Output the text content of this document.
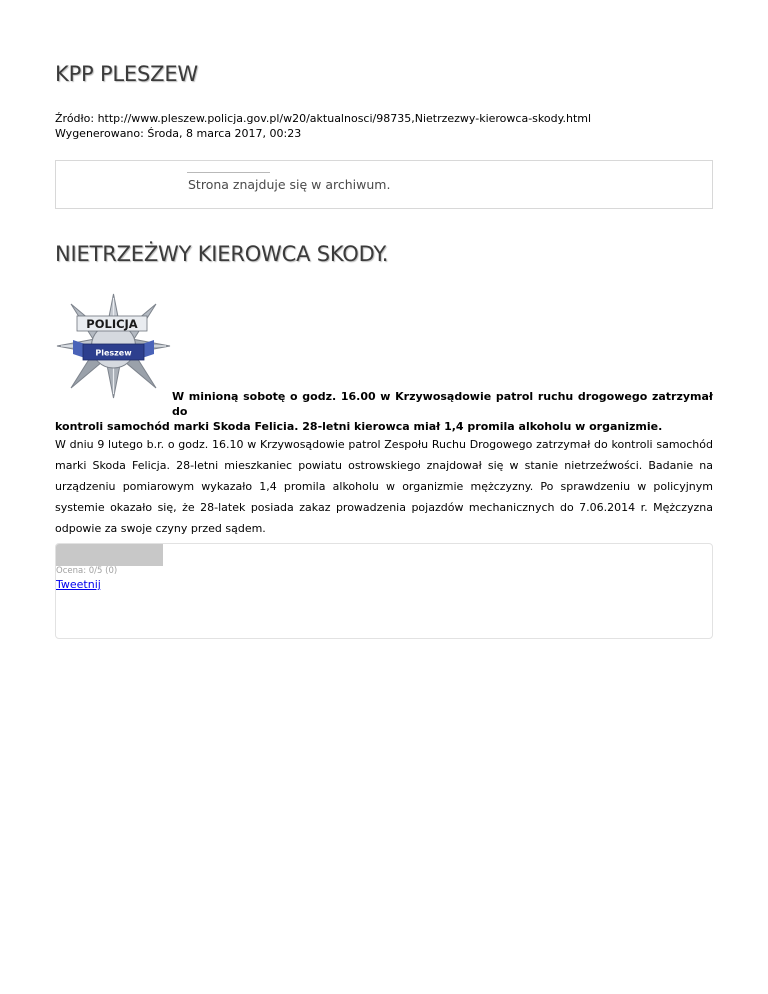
KPP PLESZEW
Źródło: http://www.pleszew.policja.gov.pl/w20/aktualnosci/98735,Nietrzezwy-kierowca-skody.html
Wygenerowano: Środa, 8 marca 2017, 00:23
Strona znajduje się w archiwum.
NIETRZEŻWY KIEROWCA SKODY.
POLICJA
Pleszew
W minioną sobotę o godz. 16.00 w Krzywosądowie patrol ruchu drogowego zatrzymał do
kontroli samochód marki Skoda Felicia. 28-letni kierowca miał 1,4 promila alkoholu w organizmie.
W dniu 9 lutego b.r. o godz. 16.10 w Krzywosądowie patrol Zespołu Ruchu Drogowego zatrzymał do kontroli samochód marki Skoda Felicja. 28-letni mieszkaniec powiatu ostrowskiego znajdował się w stanie nietrzeźwości. Badanie na urządzeniu pomiarowym wykazało 1,4 promila alkoholu w organizmie mężczyzny. Po sprawdzeniu w policyjnym systemie okazało się, że 28-latek posiada zakaz prowadzenia pojazdów mechanicznych do 7.06.2014 r. Mężczyzna odpowie za swoje czyny przed sądem.
Ocena: 0/5 (0)
Tweetnij
